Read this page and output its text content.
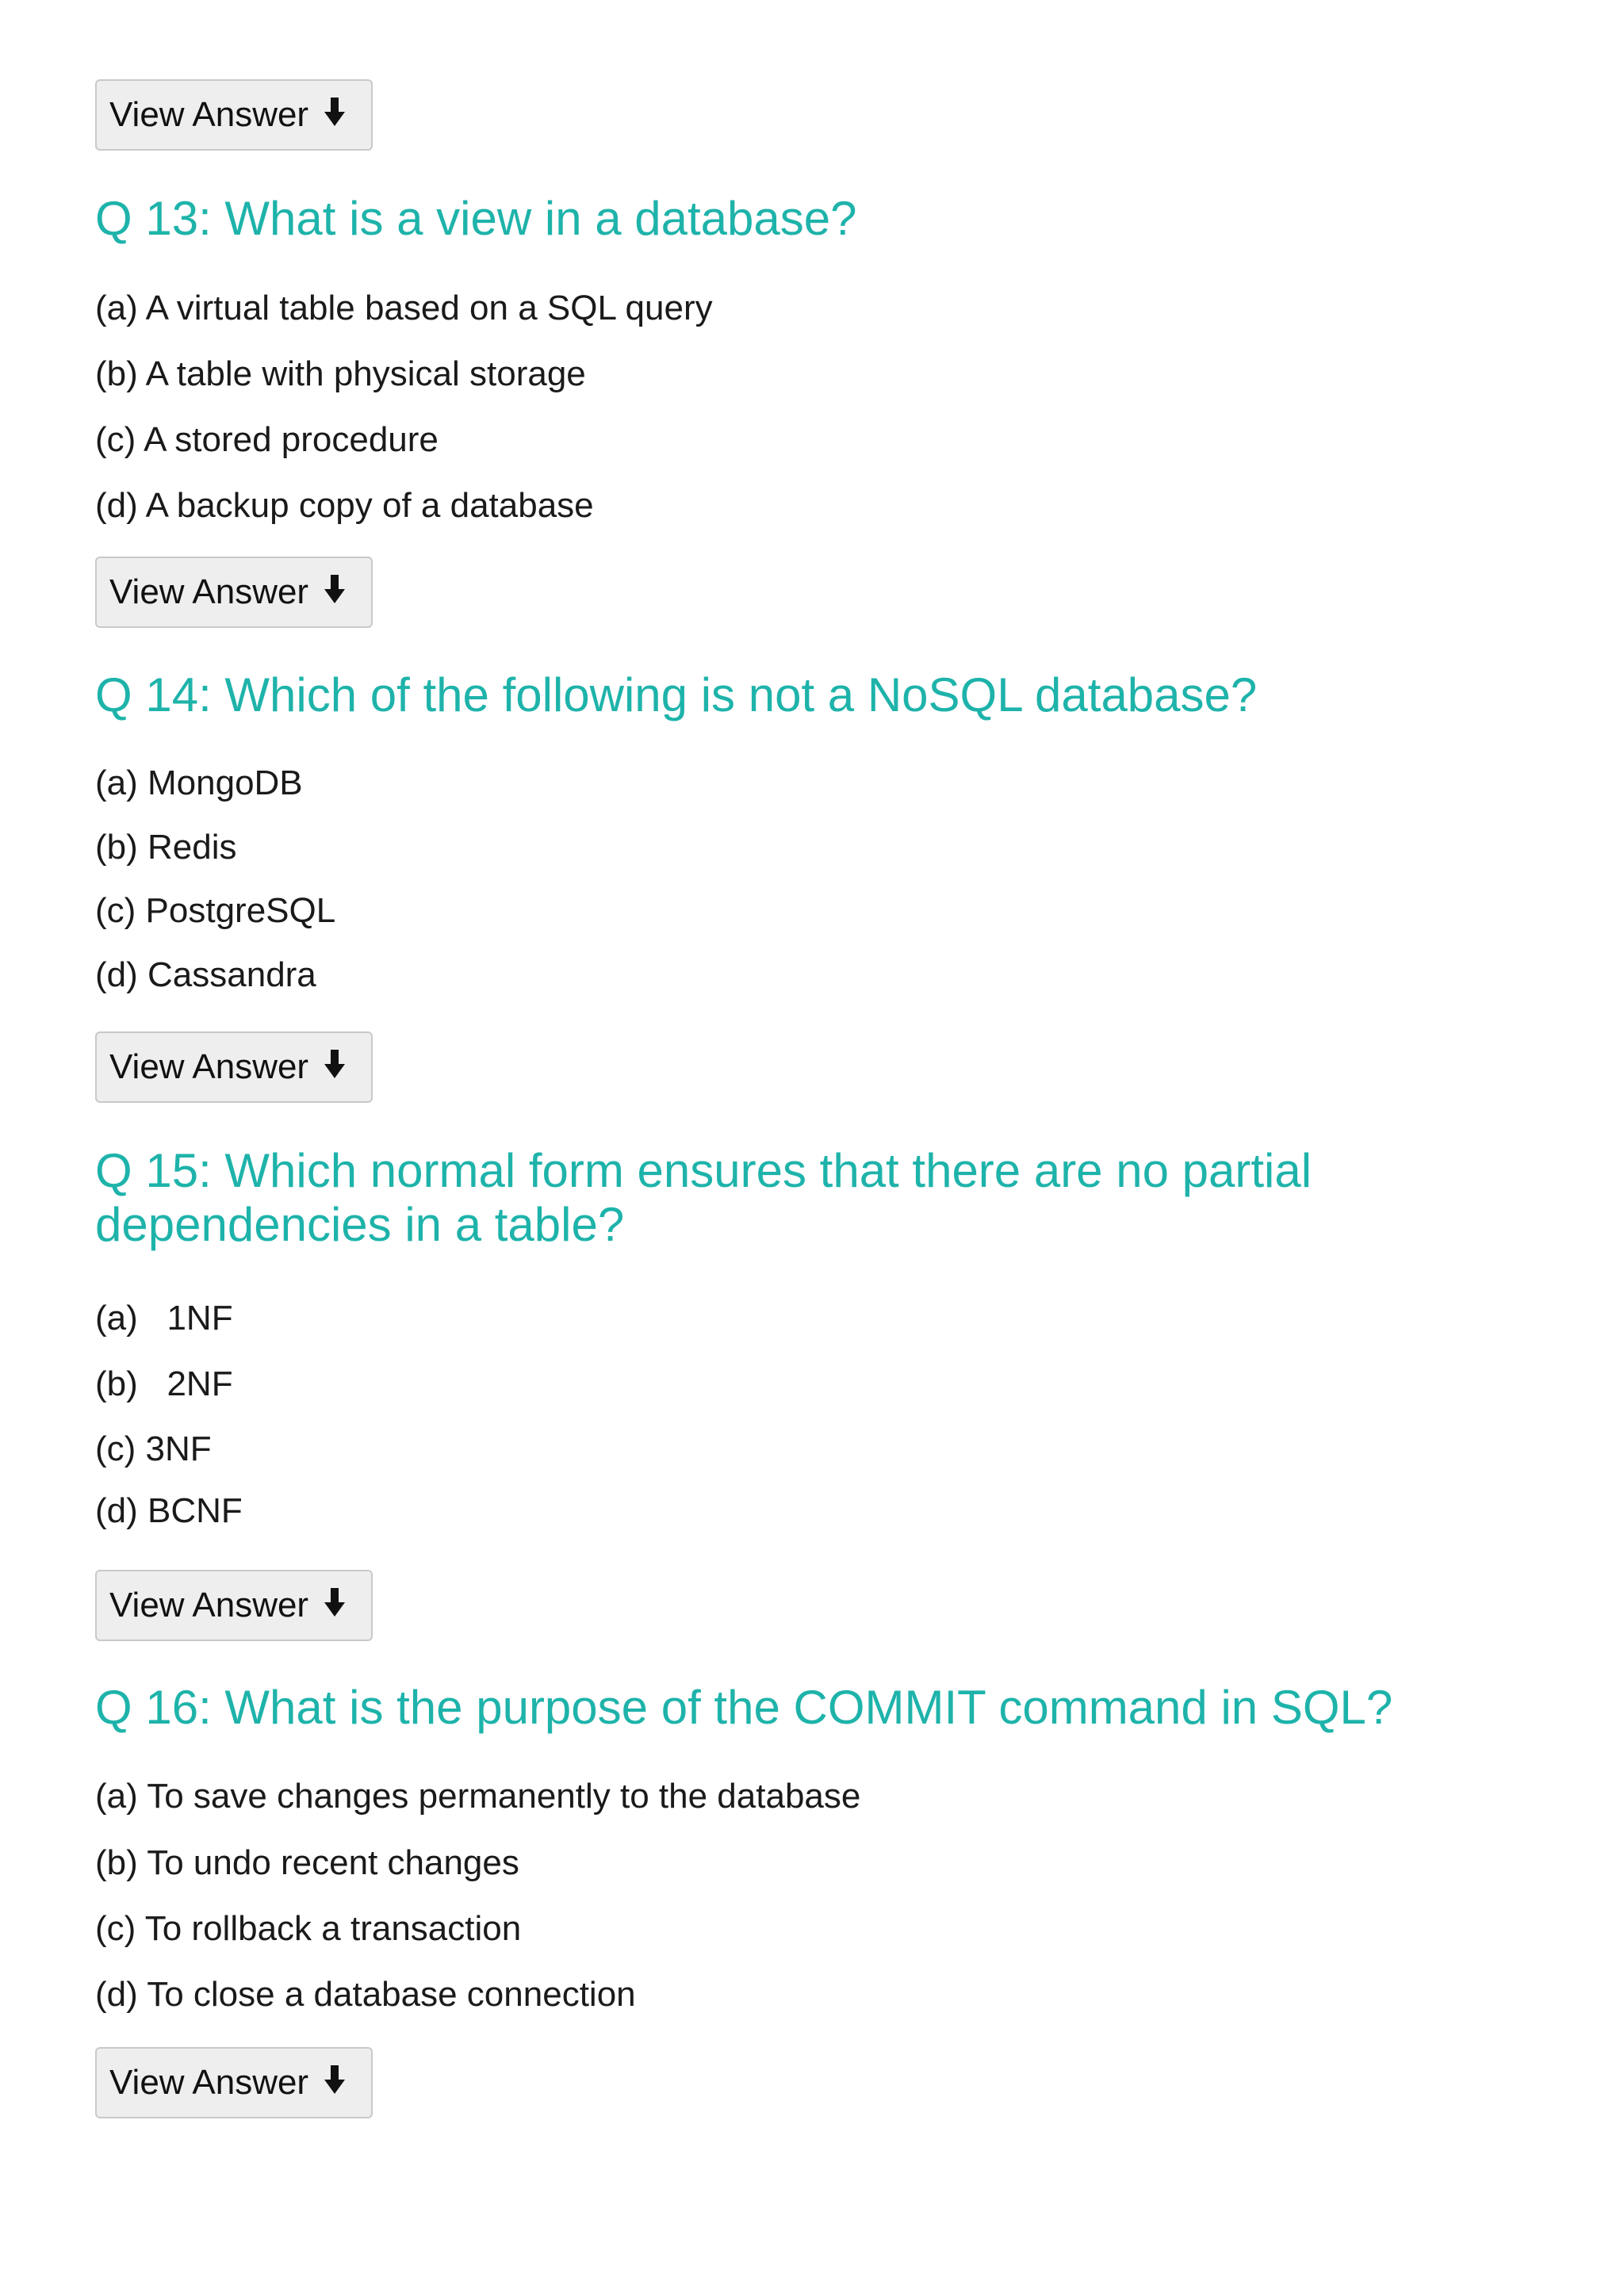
View Answer
Q 13: What is a view in a database?
(a) A virtual table based on a SQL query
(b) A table with physical storage
(c) A stored procedure
(d) A backup copy of a database
View Answer
Q 14: Which of the following is not a NoSQL database?
(a) MongoDB
(b) Redis
(c) PostgreSQL
(d) Cassandra
View Answer
Q 15: Which normal form ensures that there are no partial dependencies in a table?
(a)   1NF
(b)   2NF
(c) 3NF
(d) BCNF
View Answer
Q 16: What is the purpose of the COMMIT command in SQL?
(a) To save changes permanently to the database
(b) To undo recent changes
(c) To rollback a transaction
(d) To close a database connection
View Answer
